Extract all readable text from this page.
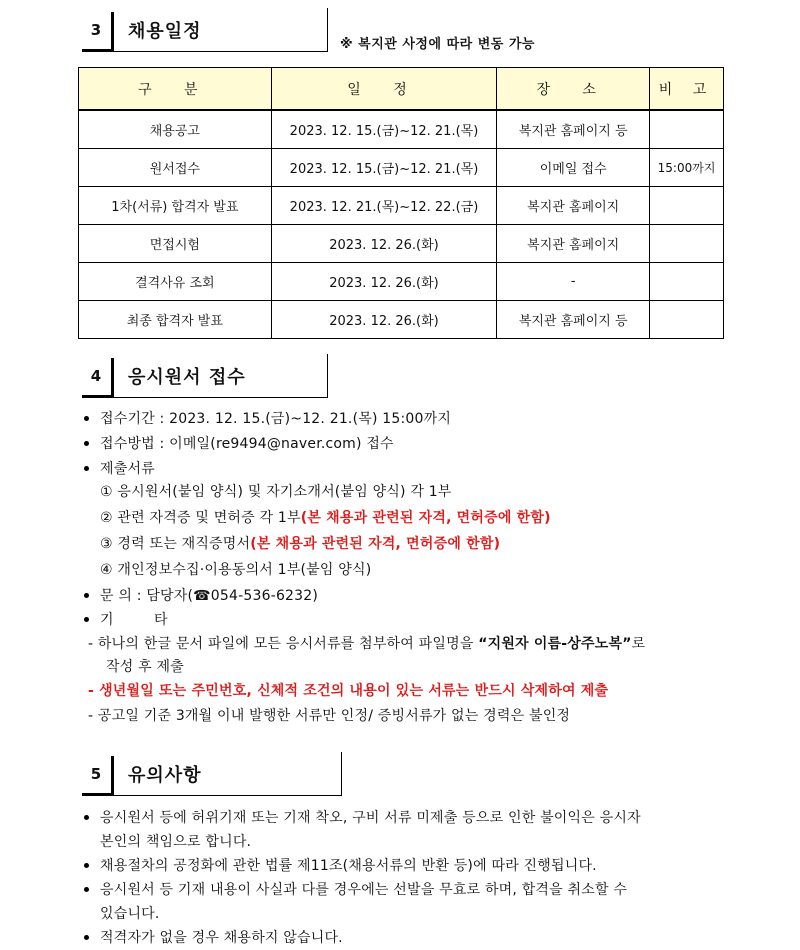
3	채용일정
※ 복지관 사정에 따라 변동 가능
구 분	일 정	장 소	비 고
채용공고	2023. 12. 15.(금)~12. 21.(목)	복지관 홈페이지 등	
원서접수	2023. 12. 15.(금)~12. 21.(목)	이메일 접수	15:00까지
1차(서류) 합격자 발표	2023. 12. 21.(목)~12. 22.(금)	복지관 홈페이지	
면접시험	2023. 12. 26.(화)	복지관 홈페이지	
결격사유 조회	2023. 12. 26.(화)	-	
최종 합격자 발표	2023. 12. 26.(화)	복지관 홈페이지 등	
4	응시원서 접수
접수기간 : 2023. 12. 15.(금)~12. 21.(목) 15:00까지
접수방법 : 이메일(re9494@naver.com) 접수
제출서류
① 응시원서(붙임 양식) 및 자기소개서(붙임 양식) 각 1부
② 관련 자격증 및 면허증 각 1부(본 채용과 관련된 자격, 면허증에 한함)
③ 경력 또는 재직증명서(본 채용과 관련된 자격, 면허증에 한함)
④ 개인정보수집·이용동의서 1부(붙임 양식)
문 의 : 담당자(☎054-536-6232)
기 타
- 하나의 한글 문서 파일에 모든 응시서류를 첨부하여 파일명을 “지원자 이름-상주노복”로
작성 후 제출
- 생년월일 또는 주민번호, 신체적 조건의 내용이 있는 서류는 반드시 삭제하여 제출
- 공고일 기준 3개월 이내 발행한 서류만 인정/ 증빙서류가 없는 경력은 불인정
5	유의사항
응시원서 등에 허위기재 또는 기재 착오, 구비 서류 미제출 등으로 인한 불이익은 응시자
본인의 책임으로 합니다.
채용절차의 공정화에 관한 법률 제11조(채용서류의 반환 등)에 따라 진행됩니다.
응시원서 등 기재 내용이 사실과 다를 경우에는 선발을 무효로 하며, 합격을 취소할 수
있습니다.
적격자가 없을 경우 채용하지 않습니다.
